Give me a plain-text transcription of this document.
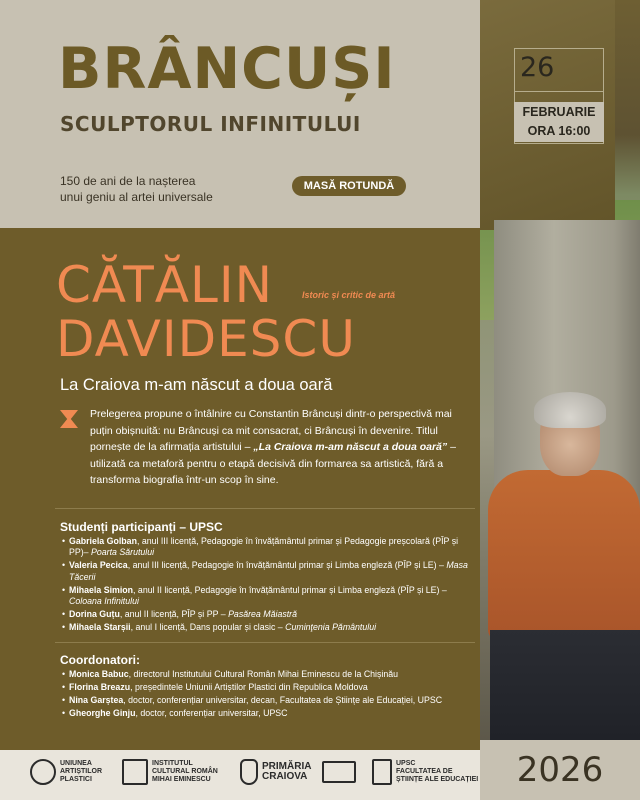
BRÂNCUȘI
SCULPTORUL INFINITULUI
150 de ani de la nașterea
unui geniu al artei universale
MASĂ ROTUNDĂ
26
FEBRUARIE
ORA 16:00
CĂTĂLIN	Istoric și critic de artă
DAVIDESCU
La Craiova m-am născut a doua oară
Prelegerea propune o întâlnire cu Constantin Brâncuși dintr-o perspectivă mai puțin obișnuită: nu Brâncuși ca mit consacrat, ci Brâncuși în devenire. Titlul pornește de la afirmația artistului – „La Craiova m-am născut a doua oară” – utilizată ca metaforă pentru o etapă decisivă din formarea sa artistică, fără a transforma biografia într-un scop în sine.
Studenți participanți – UPSC
• Gabriela Golban, anul III licență, Pedagogie în învățământul primar și Pedagogie preșcolară (PÎP și PP)– Poarta Sărutului
• Valeria Pecica, anul III licență, Pedagogie în învățământul primar și Limba engleză (PÎP și LE) – Masa Tăcerii
• Mihaela Simion, anul II licență, Pedagogie în învățământul primar și Limba engleză (PÎP și LE) – Coloana Infinitului
• Dorina Guțu, anul II licență, PÎP și PP – Pasărea Măiastră
• Mihaela Starșii, anul I licență, Dans popular și clasic – Cuminţenia Pământului
Coordonatori:
• Monica Babuc, directorul Institutului Cultural Român Mihai Eminescu de la Chișinău
• Florina Breazu, președintele Uniunii Artiștilor Plastici din Republica Moldova
• Nina Garștea, doctor, conferențiar universitar, decan, Facultatea de Științe ale Educației, UPSC
• Gheorghe Ginju, doctor, conferențiar universitar, UPSC
2026
UNIUNEA
ARTIȘTILOR
PLASTICI
INSTITUTUL
CULTURAL ROMÂN
MIHAI EMINESCU
PRIMĂRIA
CRAIOVA
UPSC
FACULTATEA DE
ȘTIINȚE ALE EDUCAȚIEI
